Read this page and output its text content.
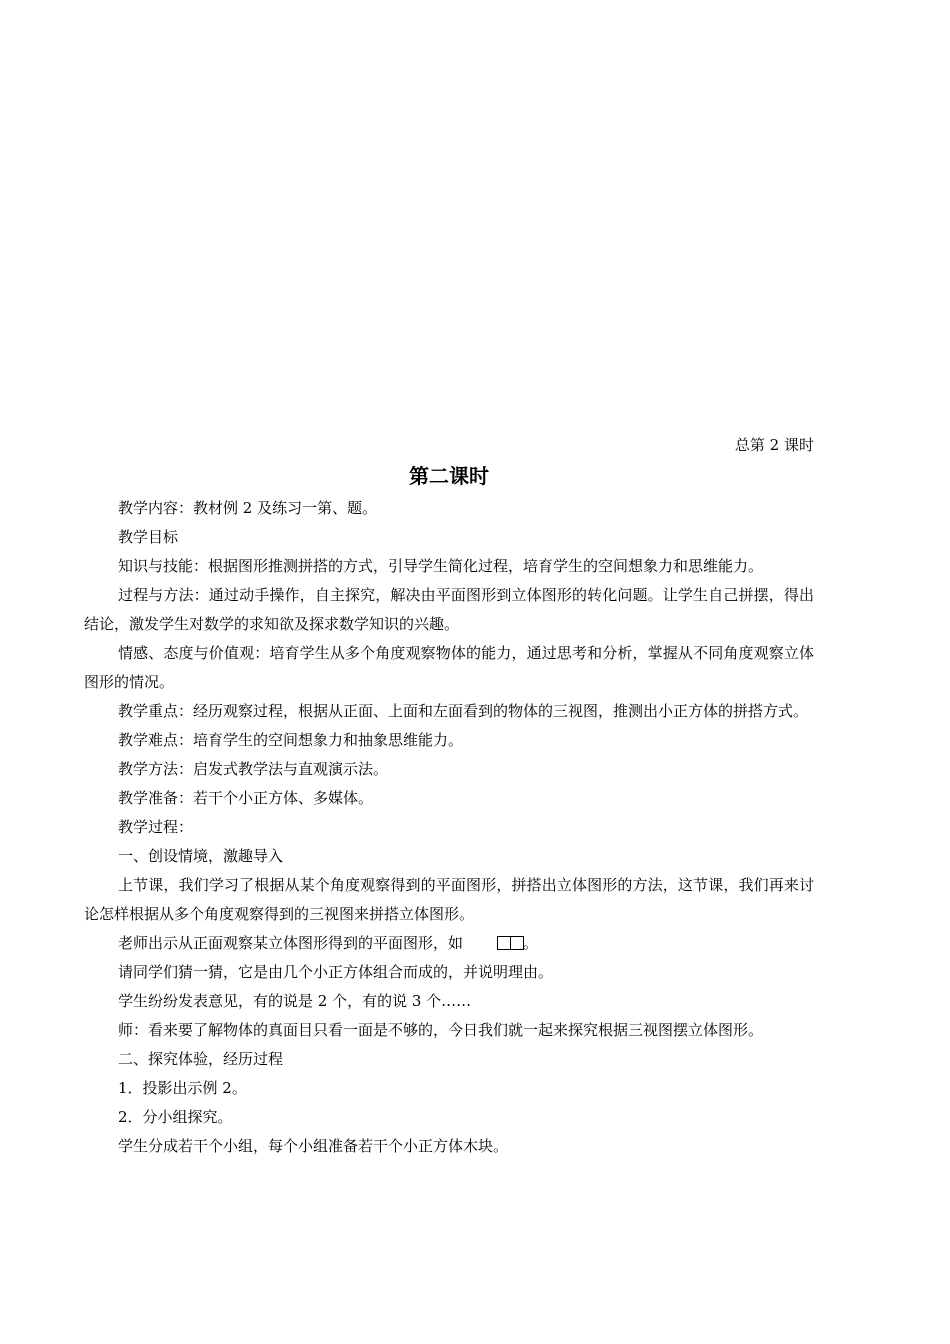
总第 2 课时
第二课时

教学内容：教材例 2 及练习一第、题。

教学目标

知识与技能：根据图形推测拼搭的方式，引导学生简化过程，培育学生的空间想象力和思维能力。

过程与方法：通过动手操作，自主探究，解决由平面图形到立体图形的转化问题。让学生自己拼摆，得出结论，激发学生对数学的求知欲及探求数学知识的兴趣。

情感、态度与价值观：培育学生从多个角度观察物体的能力，通过思考和分析，掌握从不同角度观察立体图形的情况。

教学重点：经历观察过程，根据从正面、上面和左面看到的物体的三视图，推测出小正方体的拼搭方式。

教学难点：培育学生的空间想象力和抽象思维能力。

教学方法：启发式教学法与直观演示法。

教学准备：若干个小正方体、多媒体。

教学过程：

一、创设情境，激趣导入

上节课，我们学习了根据从某个角度观察得到的平面图形，拼搭出立体图形的方法，这节课，我们再来讨论怎样根据从多个角度观察得到的三视图来拼搭立体图形。

老师出示从正面观察某立体图形得到的平面图形，如	。

请同学们猜一猜，它是由几个小正方体组合而成的，并说明理由。

学生纷纷发表意见，有的说是 2 个，有的说 3 个……

师：看来要了解物体的真面目只看一面是不够的，今日我们就一起来探究根据三视图摆立体图形。

二、探究体验，经历过程

1．投影出示例 2。

2．分小组探究。

学生分成若干个小组，每个小组准备若干个小正方体木块。
